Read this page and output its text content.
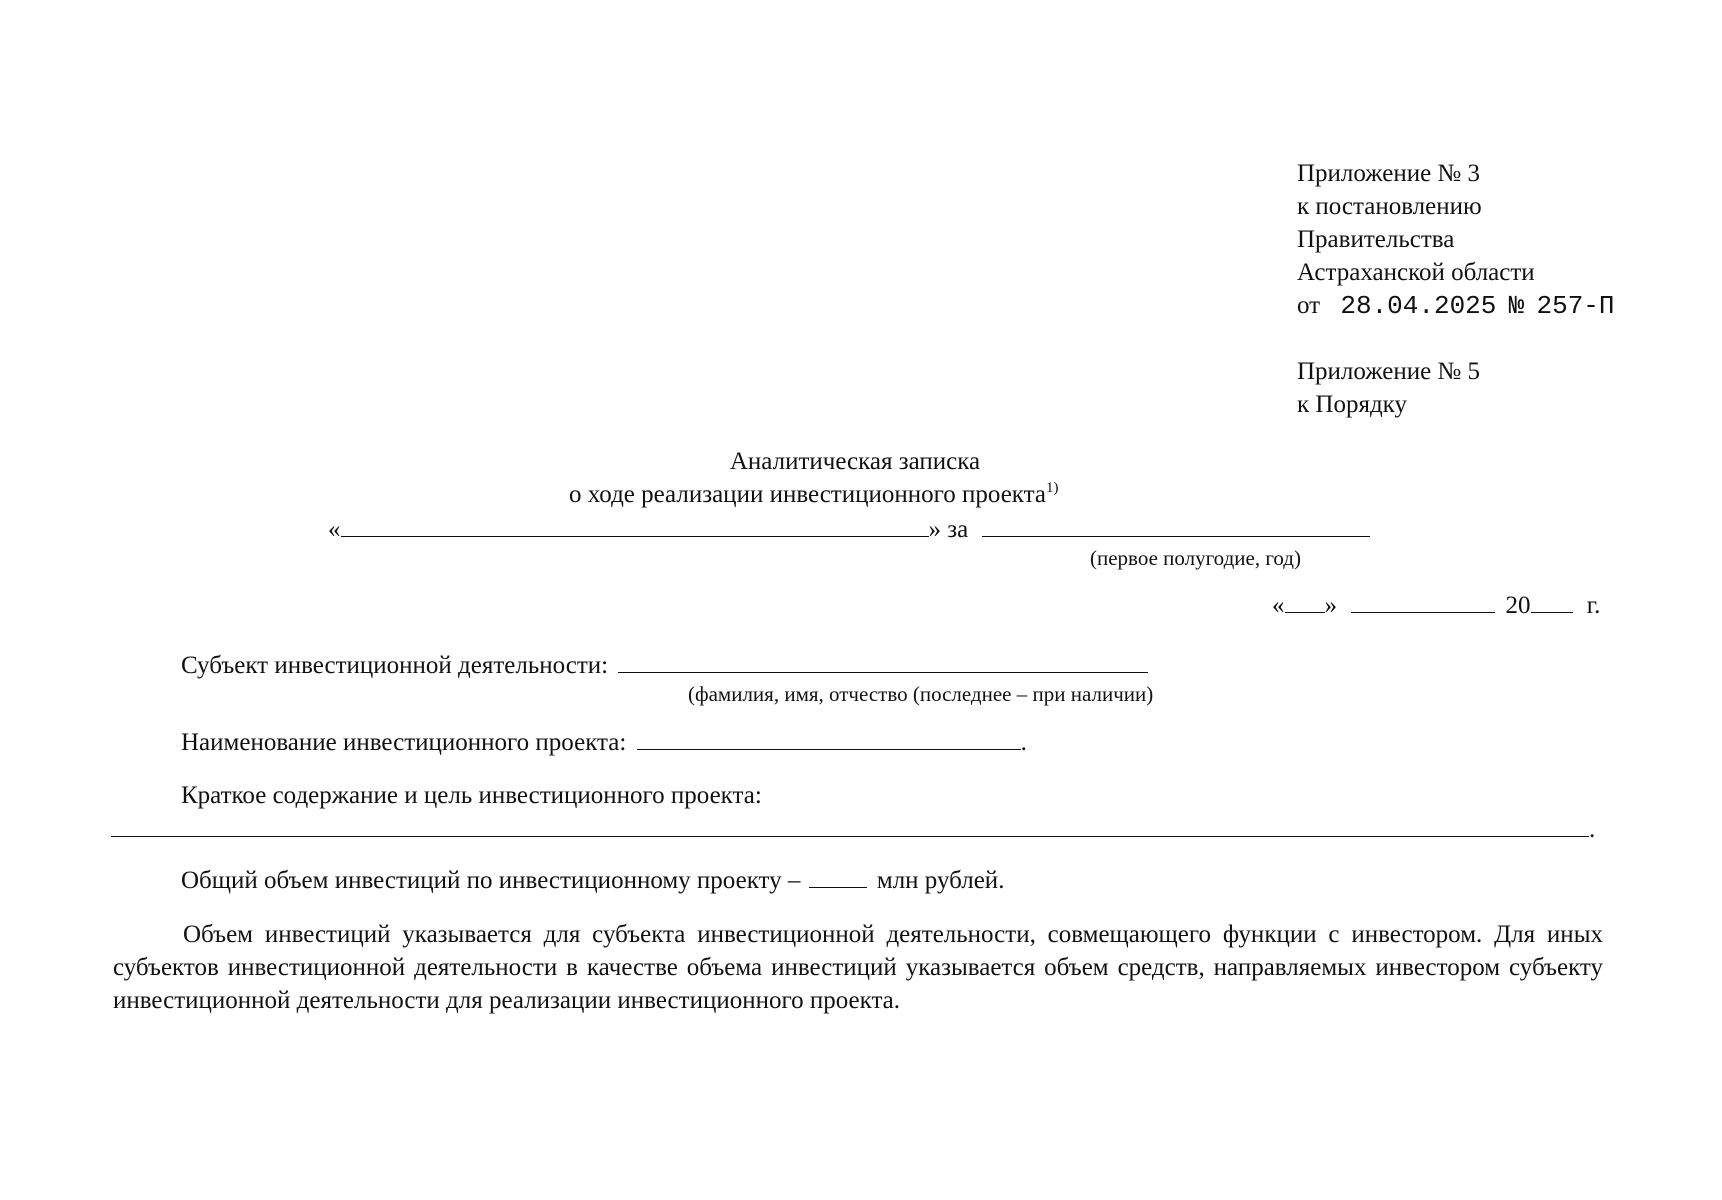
Приложение № 3
к постановлению
Правительства
Астраханской области
от 28.04.2025 № 257-П
Приложение № 5
к Порядку
Аналитическая записка
о ходе реализации инвестиционного проекта$^{1)}$
«	» за
(первое полугодие, год)
« »	20 г.
Субъект инвестиционной деятельности:
(фамилия, имя, отчество (последнее – при наличии)
Наименование инвестиционного проекта:	.
Краткое содержание и цель инвестиционного проекта:
.
Общий объем инвестиций по инвестиционному проекту –	млн рублей.
Объем инвестиций указывается для субъекта инвестиционной деятельности, совмещающего функции с инвестором. Для иных субъектов инвестиционной деятельности в качестве объема инвестиций указывается объем средств, направляемых инвестором субъекту инвестиционной деятельности для реализации инвестиционного проекта.
